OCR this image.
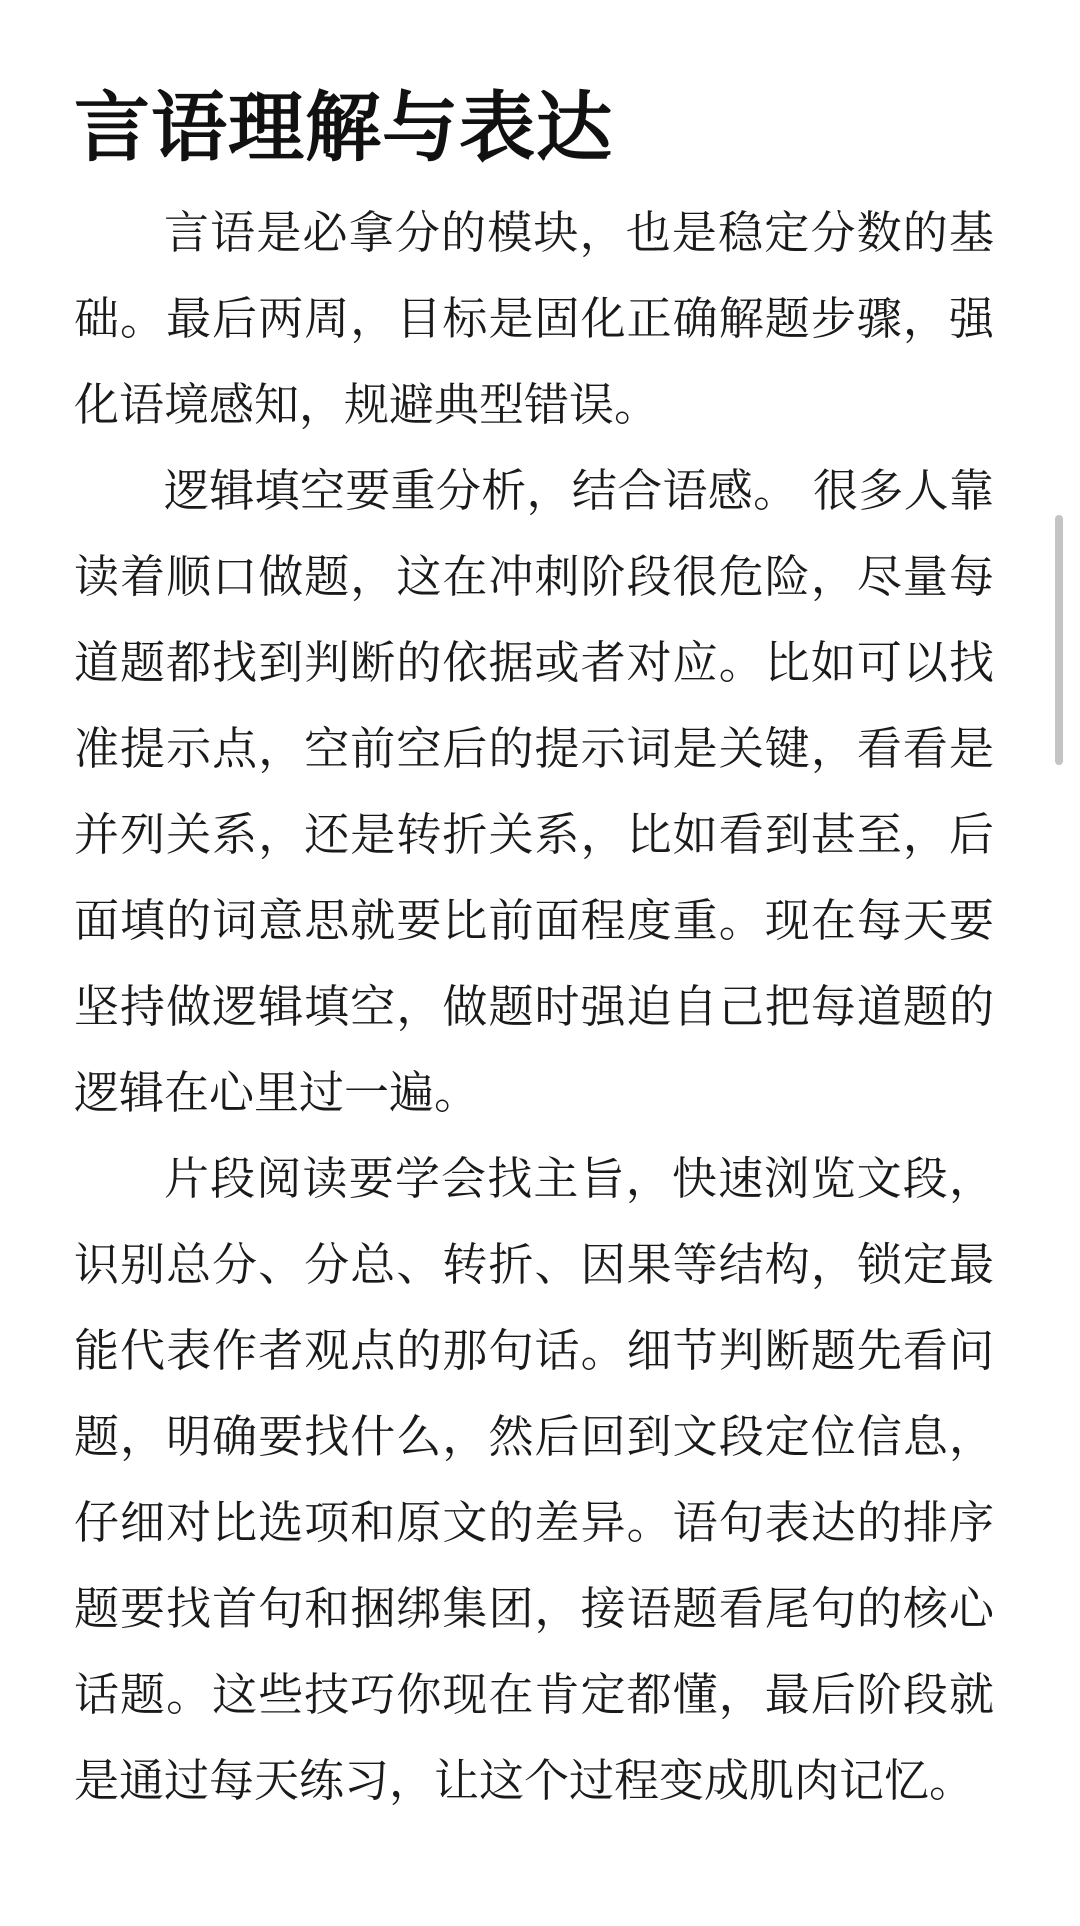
言语理解与表达

言语是必拿分的模块，也是稳定分数的基础。最后两周，目标是固化正确解题步骤，强化语境感知，规避典型错误。

逻辑填空要重分析，结合语感。 很多人靠读着顺口做题，这在冲刺阶段很危险，尽量每道题都找到判断的依据或者对应。比如可以找准提示点，空前空后的提示词是关键，看看是并列关系，还是转折关系，比如看到甚至，后面填的词意思就要比前面程度重。现在每天要坚持做逻辑填空，做题时强迫自己把每道题的逻辑在心里过一遍。

片段阅读要学会找主旨，快速浏览文段，识别总分、分总、转折、因果等结构，锁定最能代表作者观点的那句话。细节判断题先看问题，明确要找什么，然后回到文段定位信息，仔细对比选项和原文的差异。语句表达的排序题要找首句和捆绑集团，接语题看尾句的核心话题。这些技巧你现在肯定都懂，最后阶段就是通过每天练习，让这个过程变成肌肉记忆。
